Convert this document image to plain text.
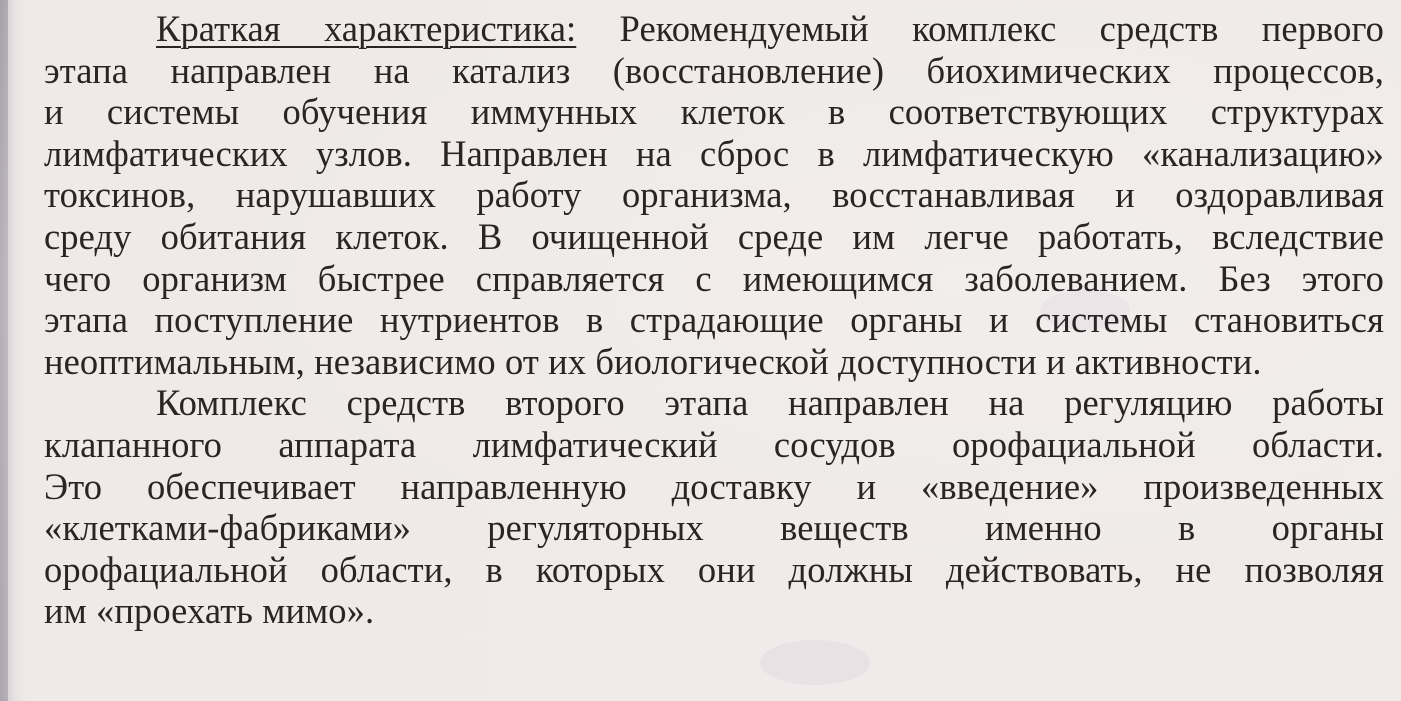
Краткая характеристика: Рекомендуемый комплекс средств первого
этапа направлен на катализ (восстановление) биохимических процессов,
и системы обучения иммунных клеток в соответствующих структурах
лимфатических узлов. Направлен на сброс в лимфатическую «канализацию»
токсинов, нарушавших работу организма, восстанавливая и оздоравливая
среду обитания клеток. В очищенной среде им легче работать, вследствие
чего организм быстрее справляется с имеющимся заболеванием. Без этого
этапа поступление нутриентов в страдающие органы и системы становиться
неоптимальным, независимо от их биологической доступности и активности.
Комплекс средств второго этапа направлен на регуляцию работы
клапанного аппарата лимфатический сосудов орофациальной области.
Это обеспечивает направленную доставку и «введение» произведенных
«клетками-фабриками» регуляторных веществ именно в органы
орофациальной области, в которых они должны действовать, не позволяя
им «проехать мимо».
